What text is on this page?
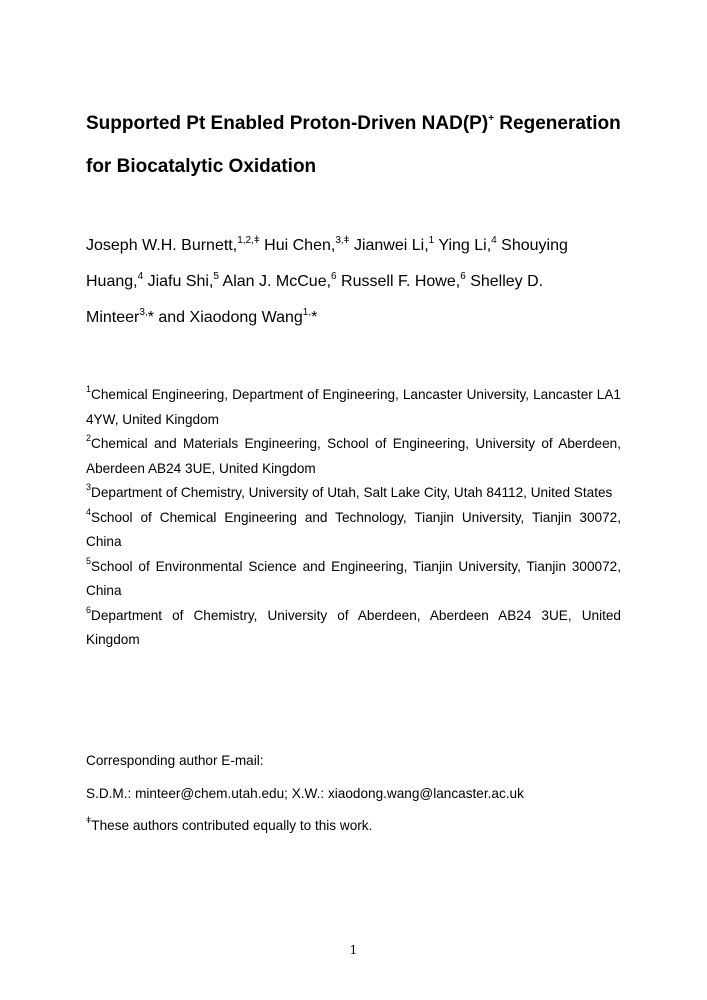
Supported Pt Enabled Proton-Driven NAD(P)+ Regeneration
for Biocatalytic Oxidation
Joseph W.H. Burnett,$^{1,2,ǂ}$ Hui Chen,$^{3,ǂ}$ Jianwei Li,$^1$ Ying Li,$^4$ Shouying
Huang,$^4$ Jiafu Shi,$^5$ Alan J. McCue,$^6$ Russell F. Howe,$^6$ Shelley D.
Minteer$^{3,}$* and Xiaodong Wang$^{1,}$*

$^1$Chemical Engineering, Department of Engineering, Lancaster University, Lancaster LA1 4YW, United Kingdom

$^2$Chemical and Materials Engineering, School of Engineering, University of Aberdeen, Aberdeen AB24 3UE, United Kingdom

$^3$Department of Chemistry, University of Utah, Salt Lake City, Utah 84112, United States

$^4$School of Chemical Engineering and Technology, Tianjin University, Tianjin 30072, China

$^5$School of Environmental Science and Engineering, Tianjin University, Tianjin 300072, China

$^6$Department of Chemistry, University of Aberdeen, Aberdeen AB24 3UE, United Kingdom

Corresponding author E-mail:
S.D.M.: minteer@chem.utah.edu; X.W.: xiaodong.wang@lancaster.ac.uk
$^ǂ$These authors contributed equally to this work.
1
